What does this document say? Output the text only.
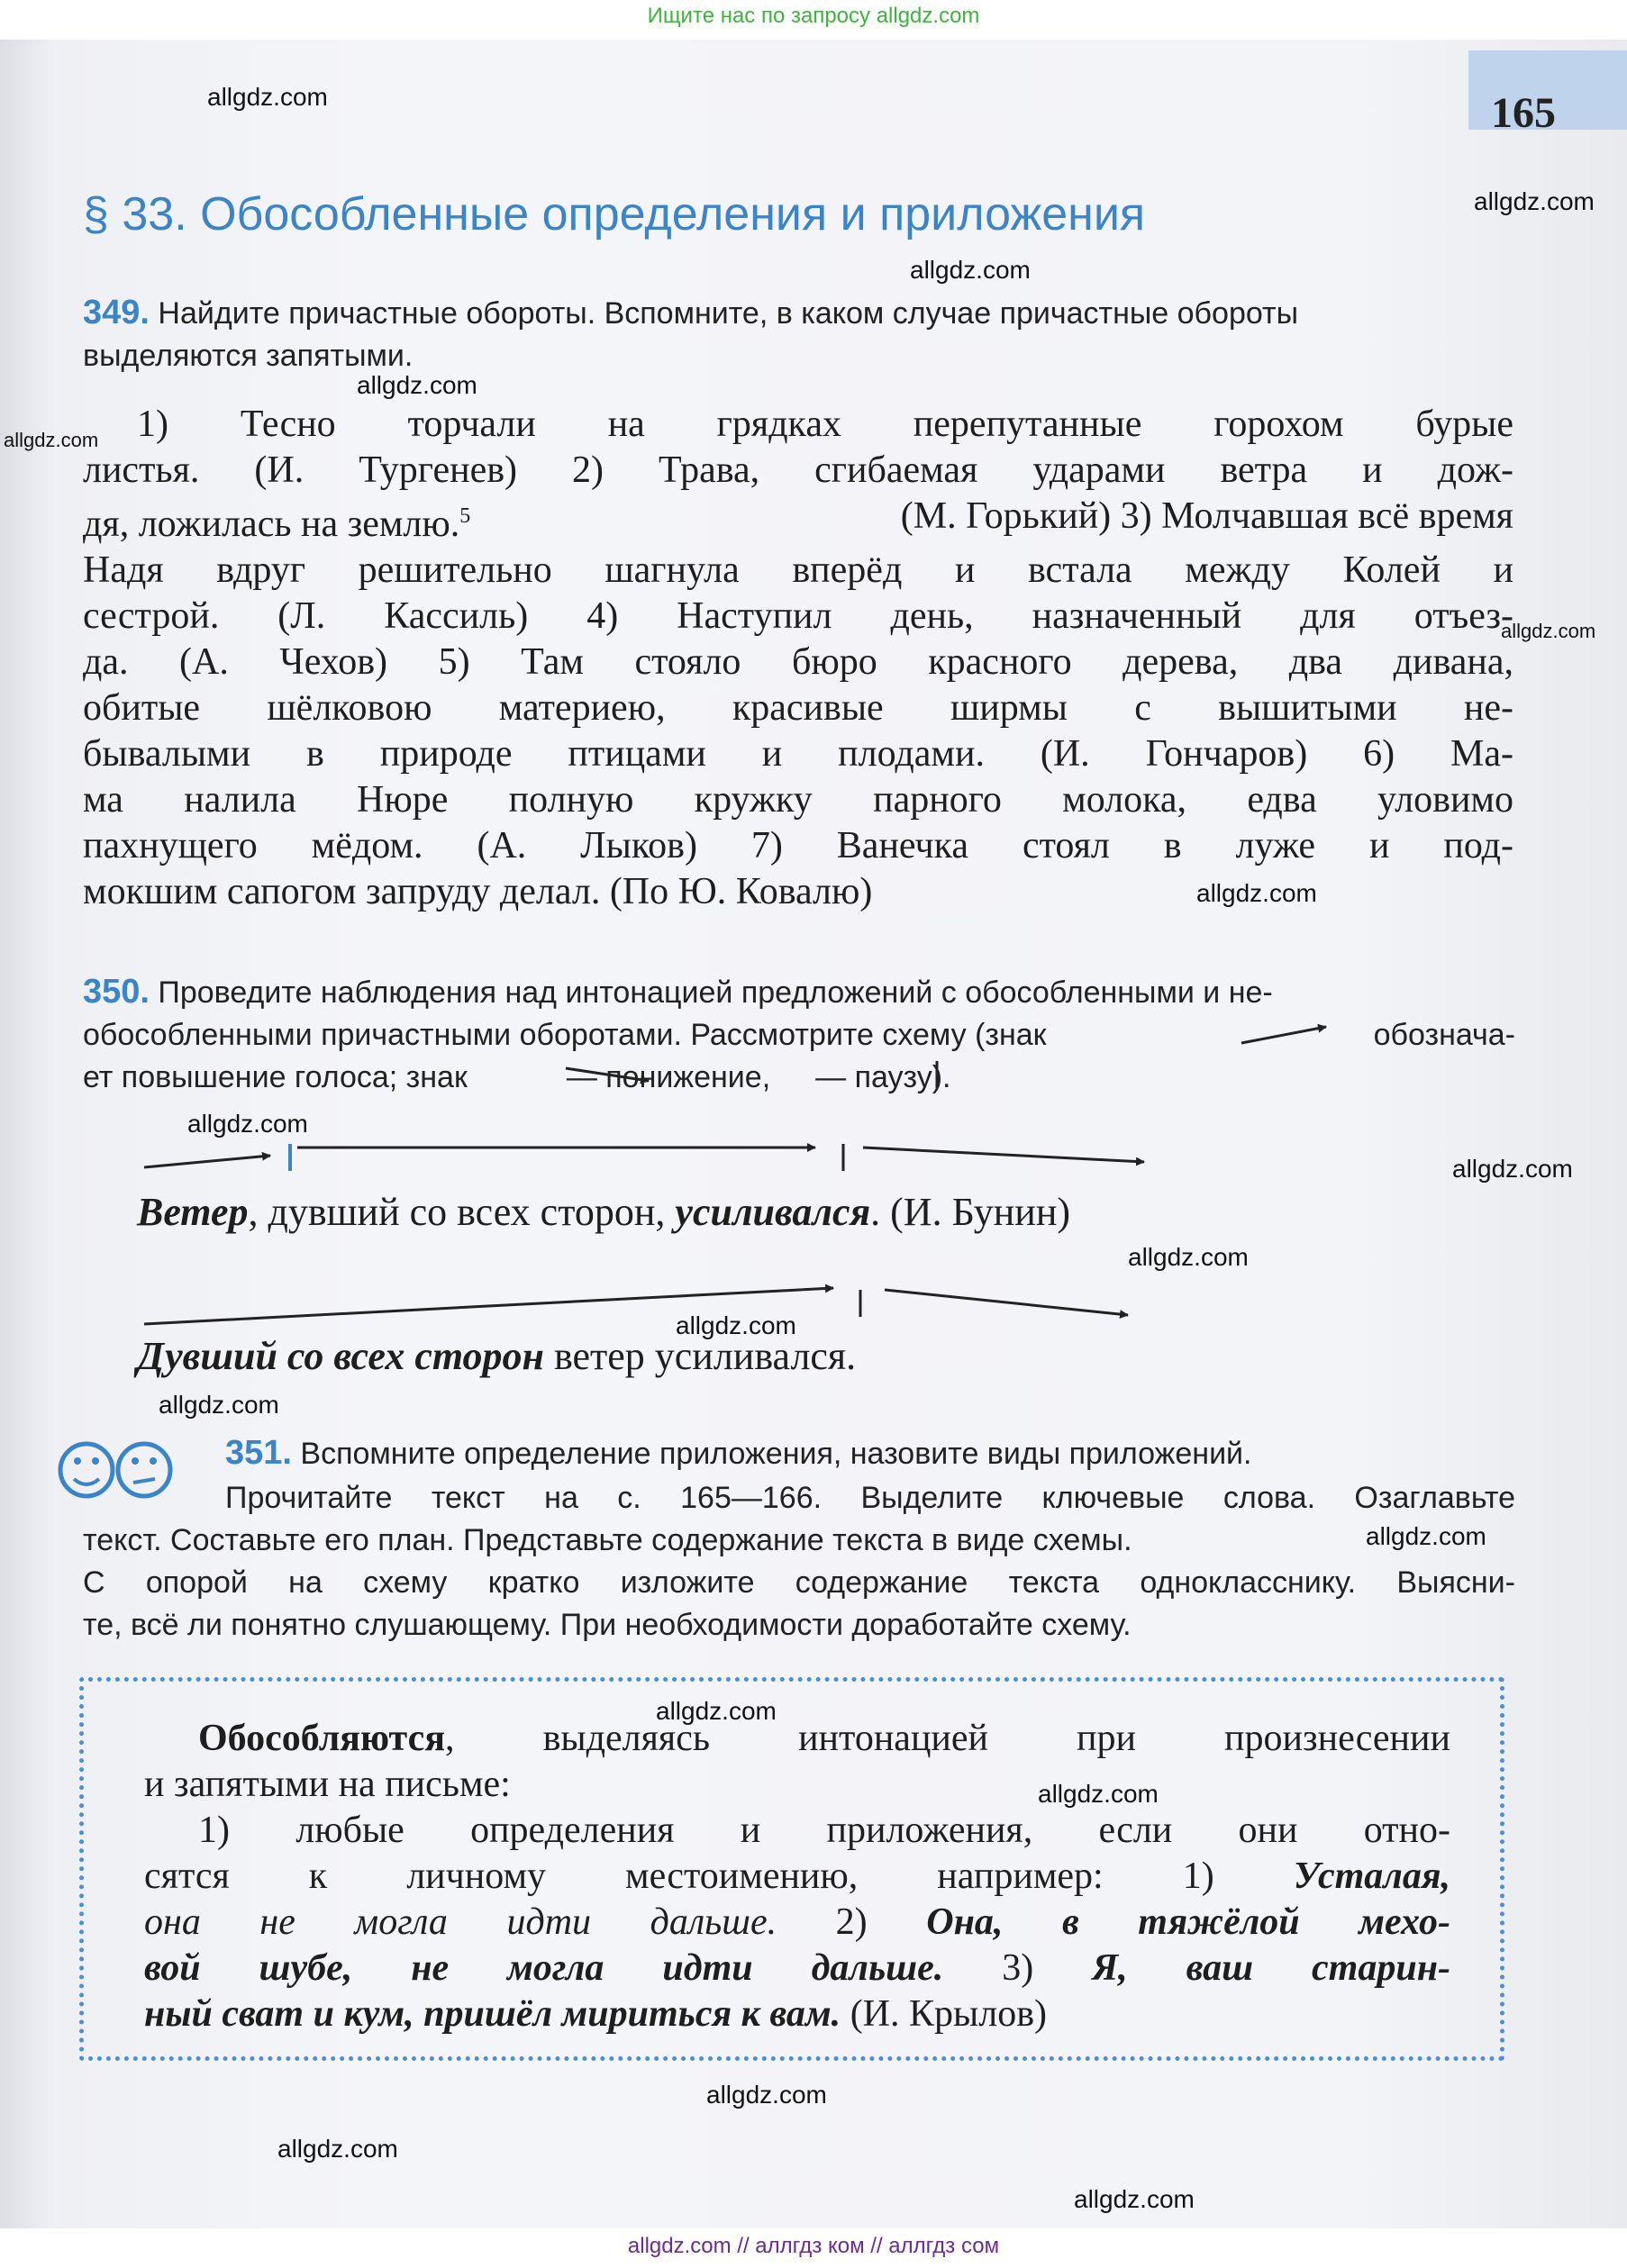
Ищите нас по запросу allgdz.com
165
§ 33. Обособленные определения и приложения
349. Найдите причастные обороты. Вспомните, в каком случае причастные обороты
выделяются запятыми.
1) Тесно торчали на грядках перепутанные горохом бурые
листья. (И. Тургенев) 2) Трава, сгибаемая ударами ветра и дож-
дя, ложилась на землю.$^5$	(М. Горький) 3) Молчавшая всё время
Надя вдруг решительно шагнула вперёд и встала между Колей и
сестрой. (Л. Кассиль) 4) Наступил день, назначенный для отъез-
да. (А. Чехов) 5) Там стояло бюро красного дерева, два дивана,
обитые шёлковою материею, красивые ширмы с вышитыми не-
бывалыми в природе птицами и плодами. (И. Гончаров) 6) Ма-
ма налила Нюре полную кружку парного молока, едва уловимо
пахнущего мёдом. (А. Лыков) 7) Ванечка стоял в луже и под-
мокшим сапогом запруду делал. (По Ю. Ковалю)
350. Проведите наблюдения над интонацией предложений с обособленными и не-
обособленными причастными оборотами. Рассмотрите схему (знак	обознача-
ет повышение голоса; знак	— понижение, — паузу).
Ветер, дувший со всех сторон, усиливался. (И. Бунин)
Дувший со всех сторон ветер усиливался.
351. Вспомните определение приложения, назовите виды приложений.
Прочитайте текст на с. 165—166. Выделите ключевые слова. Озаглавьте
текст. Составьте его план. Представьте содержание текста в виде схемы.
С опорой на схему кратко изложите содержание текста однокласснику. Выясни-
те, всё ли понятно слушающему. При необходимости доработайте схему.
Обособляются, выделяясь интонацией при произнесении
и запятыми на письме:
1) любые определения и приложения, если они отно-
сятся к личному местоимению, например: 1) Усталая,
она не могла идти дальше. 2) Она, в тяжёлой мехо-
вой шубе, не могла идти дальше. 3) Я, ваш старин-
ный сват и кум, пришёл мириться к вам. (И. Крылов)
allgdz.com
allgdz.com
allgdz.com
allgdz.com
allgdz.com
allgdz.com
allgdz.com
allgdz.com
allgdz.com
allgdz.com
allgdz.com
allgdz.com
allgdz.com
allgdz.com
allgdz.com
allgdz.com
allgdz.com
allgdz.com
allgdz.com // аллгдз ком // аллгдз сом
